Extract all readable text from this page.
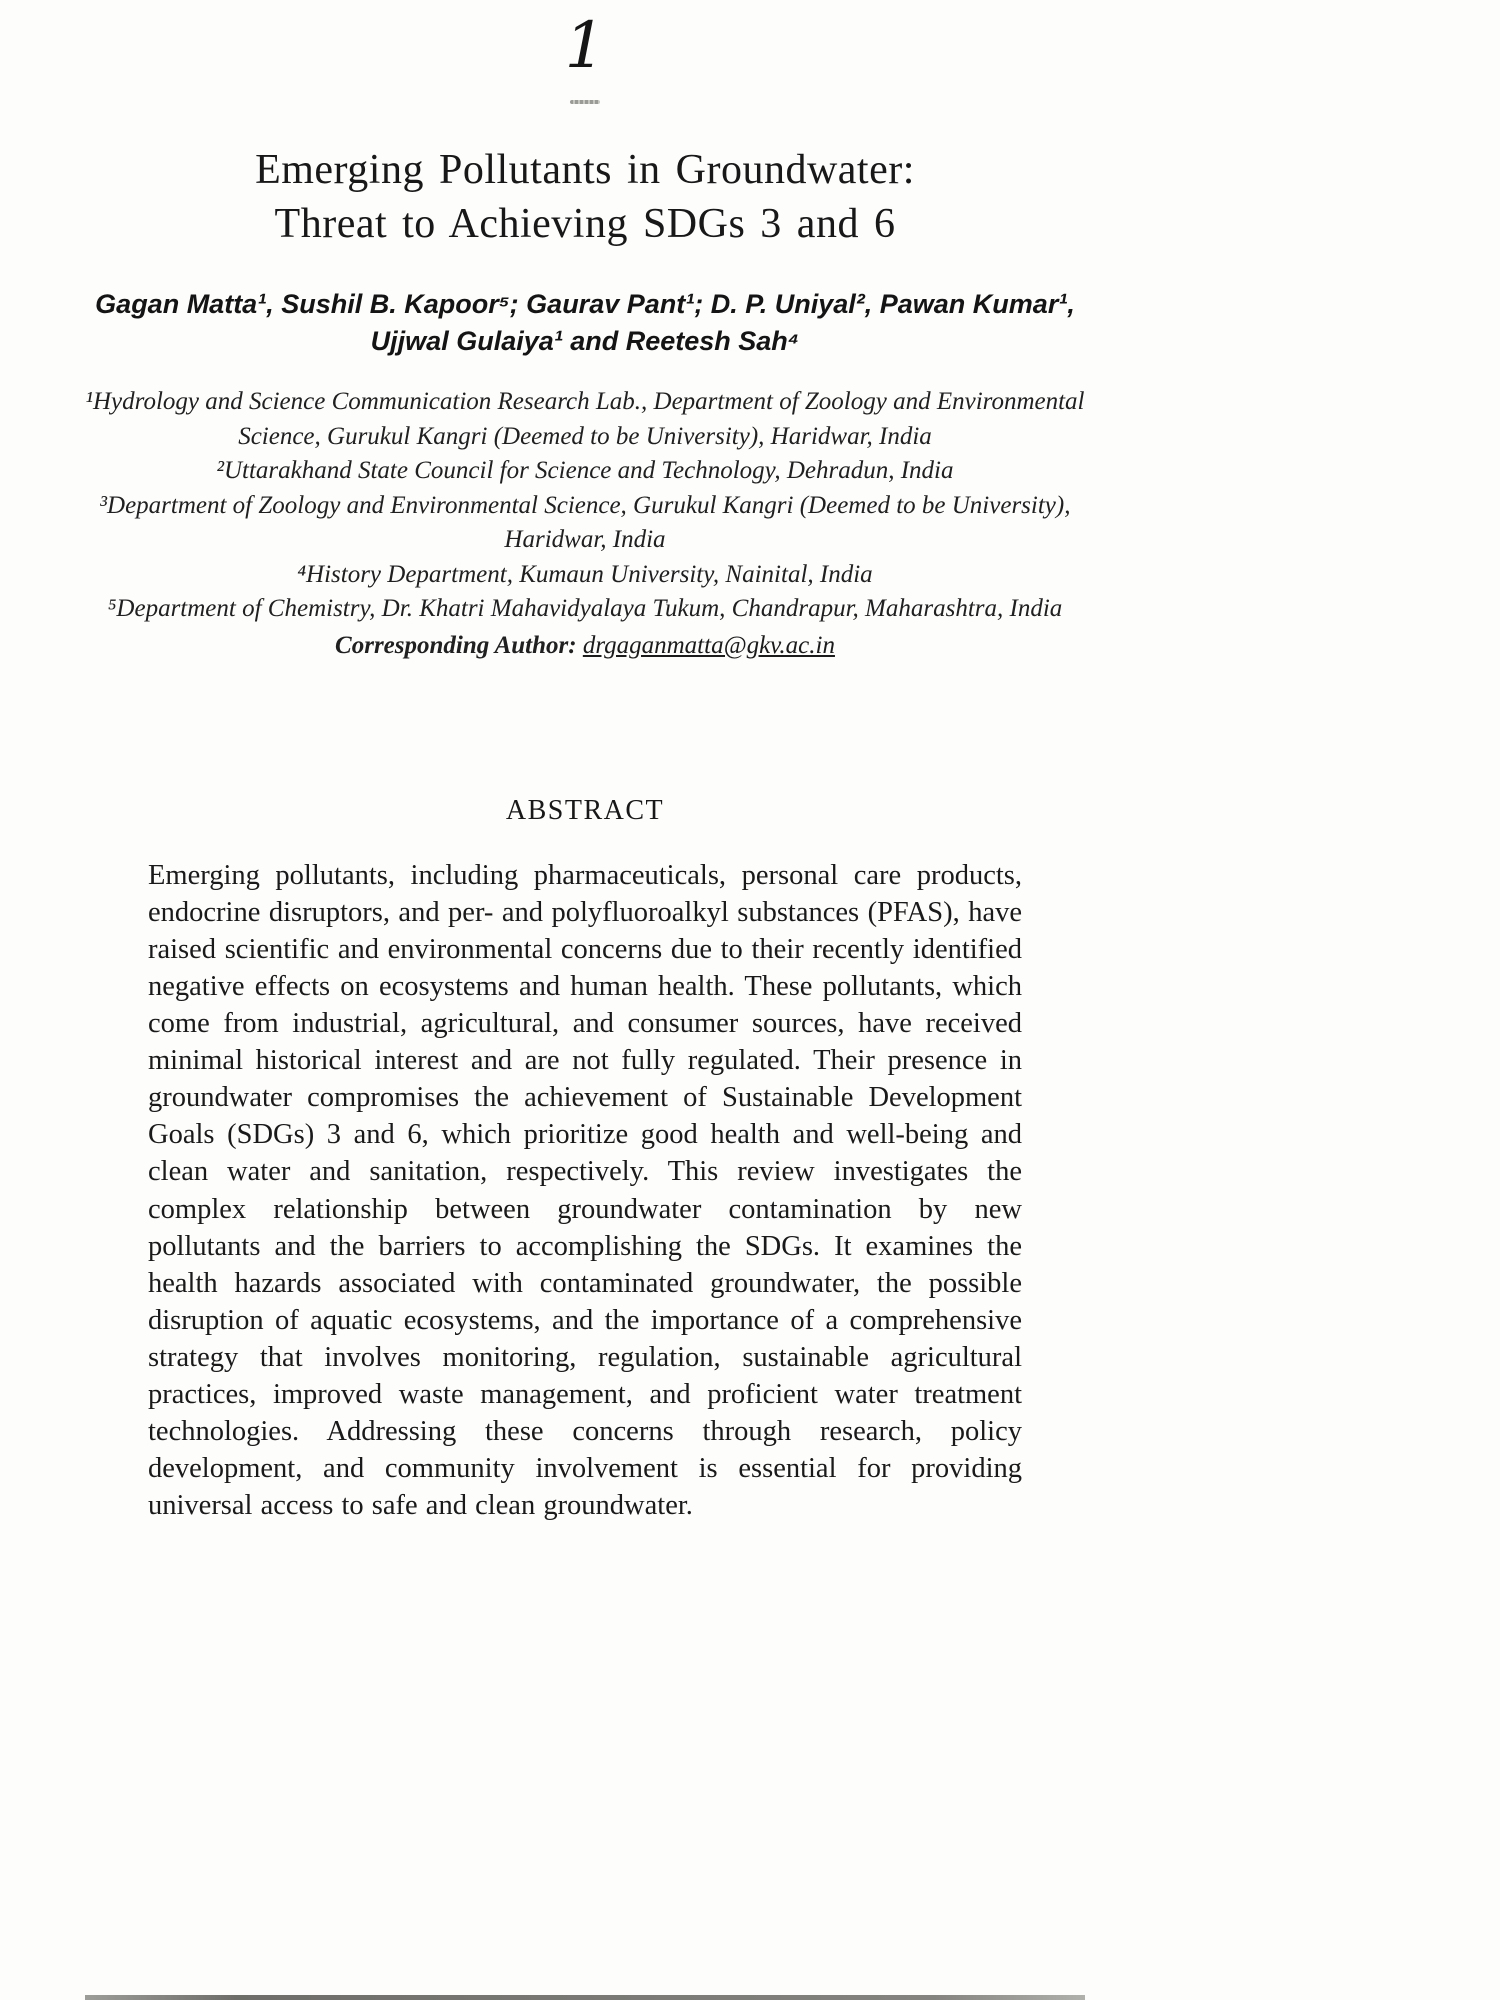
1
Emerging Pollutants in Groundwater:
Threat to Achieving SDGs 3 and 6
Gagan Matta¹, Sushil B. Kapoor⁵; Gaurav Pant¹; D. P. Uniyal², Pawan Kumar¹,
Ujjwal Gulaiya¹ and Reetesh Sah⁴

¹Hydrology and Science Communication Research Lab., Department of Zoology and Environmental Science, Gurukul Kangri (Deemed to be University), Haridwar, India

²Uttarakhand State Council for Science and Technology, Dehradun, India

³Department of Zoology and Environmental Science, Gurukul Kangri (Deemed to be University), Haridwar, India

⁴History Department, Kumaun University, Nainital, India

⁵Department of Chemistry, Dr. Khatri Mahavidyalaya Tukum, Chandrapur, Maharashtra, India

Corresponding Author: drgaganmatta@gkv.ac.in

ABSTRACT

Emerging pollutants, including pharmaceuticals, personal care products, endocrine disruptors, and per- and polyfluoroalkyl substances (PFAS), have raised scientific and environmental concerns due to their recently identified negative effects on ecosystems and human health. These pollutants, which come from industrial, agricultural, and consumer sources, have received minimal historical interest and are not fully regulated. Their presence in groundwater compromises the achievement of Sustainable Development Goals (SDGs) 3 and 6, which prioritize good health and well-being and clean water and sanitation, respectively. This review investigates the complex relationship between groundwater contamination by new pollutants and the barriers to accomplishing the SDGs. It examines the health hazards associated with contaminated groundwater, the possible disruption of aquatic ecosystems, and the importance of a comprehensive strategy that involves monitoring, regulation, sustainable agricultural practices, improved waste management, and proficient water treatment technologies. Addressing these concerns through research, policy development, and community involvement is essential for providing universal access to safe and clean groundwater.
